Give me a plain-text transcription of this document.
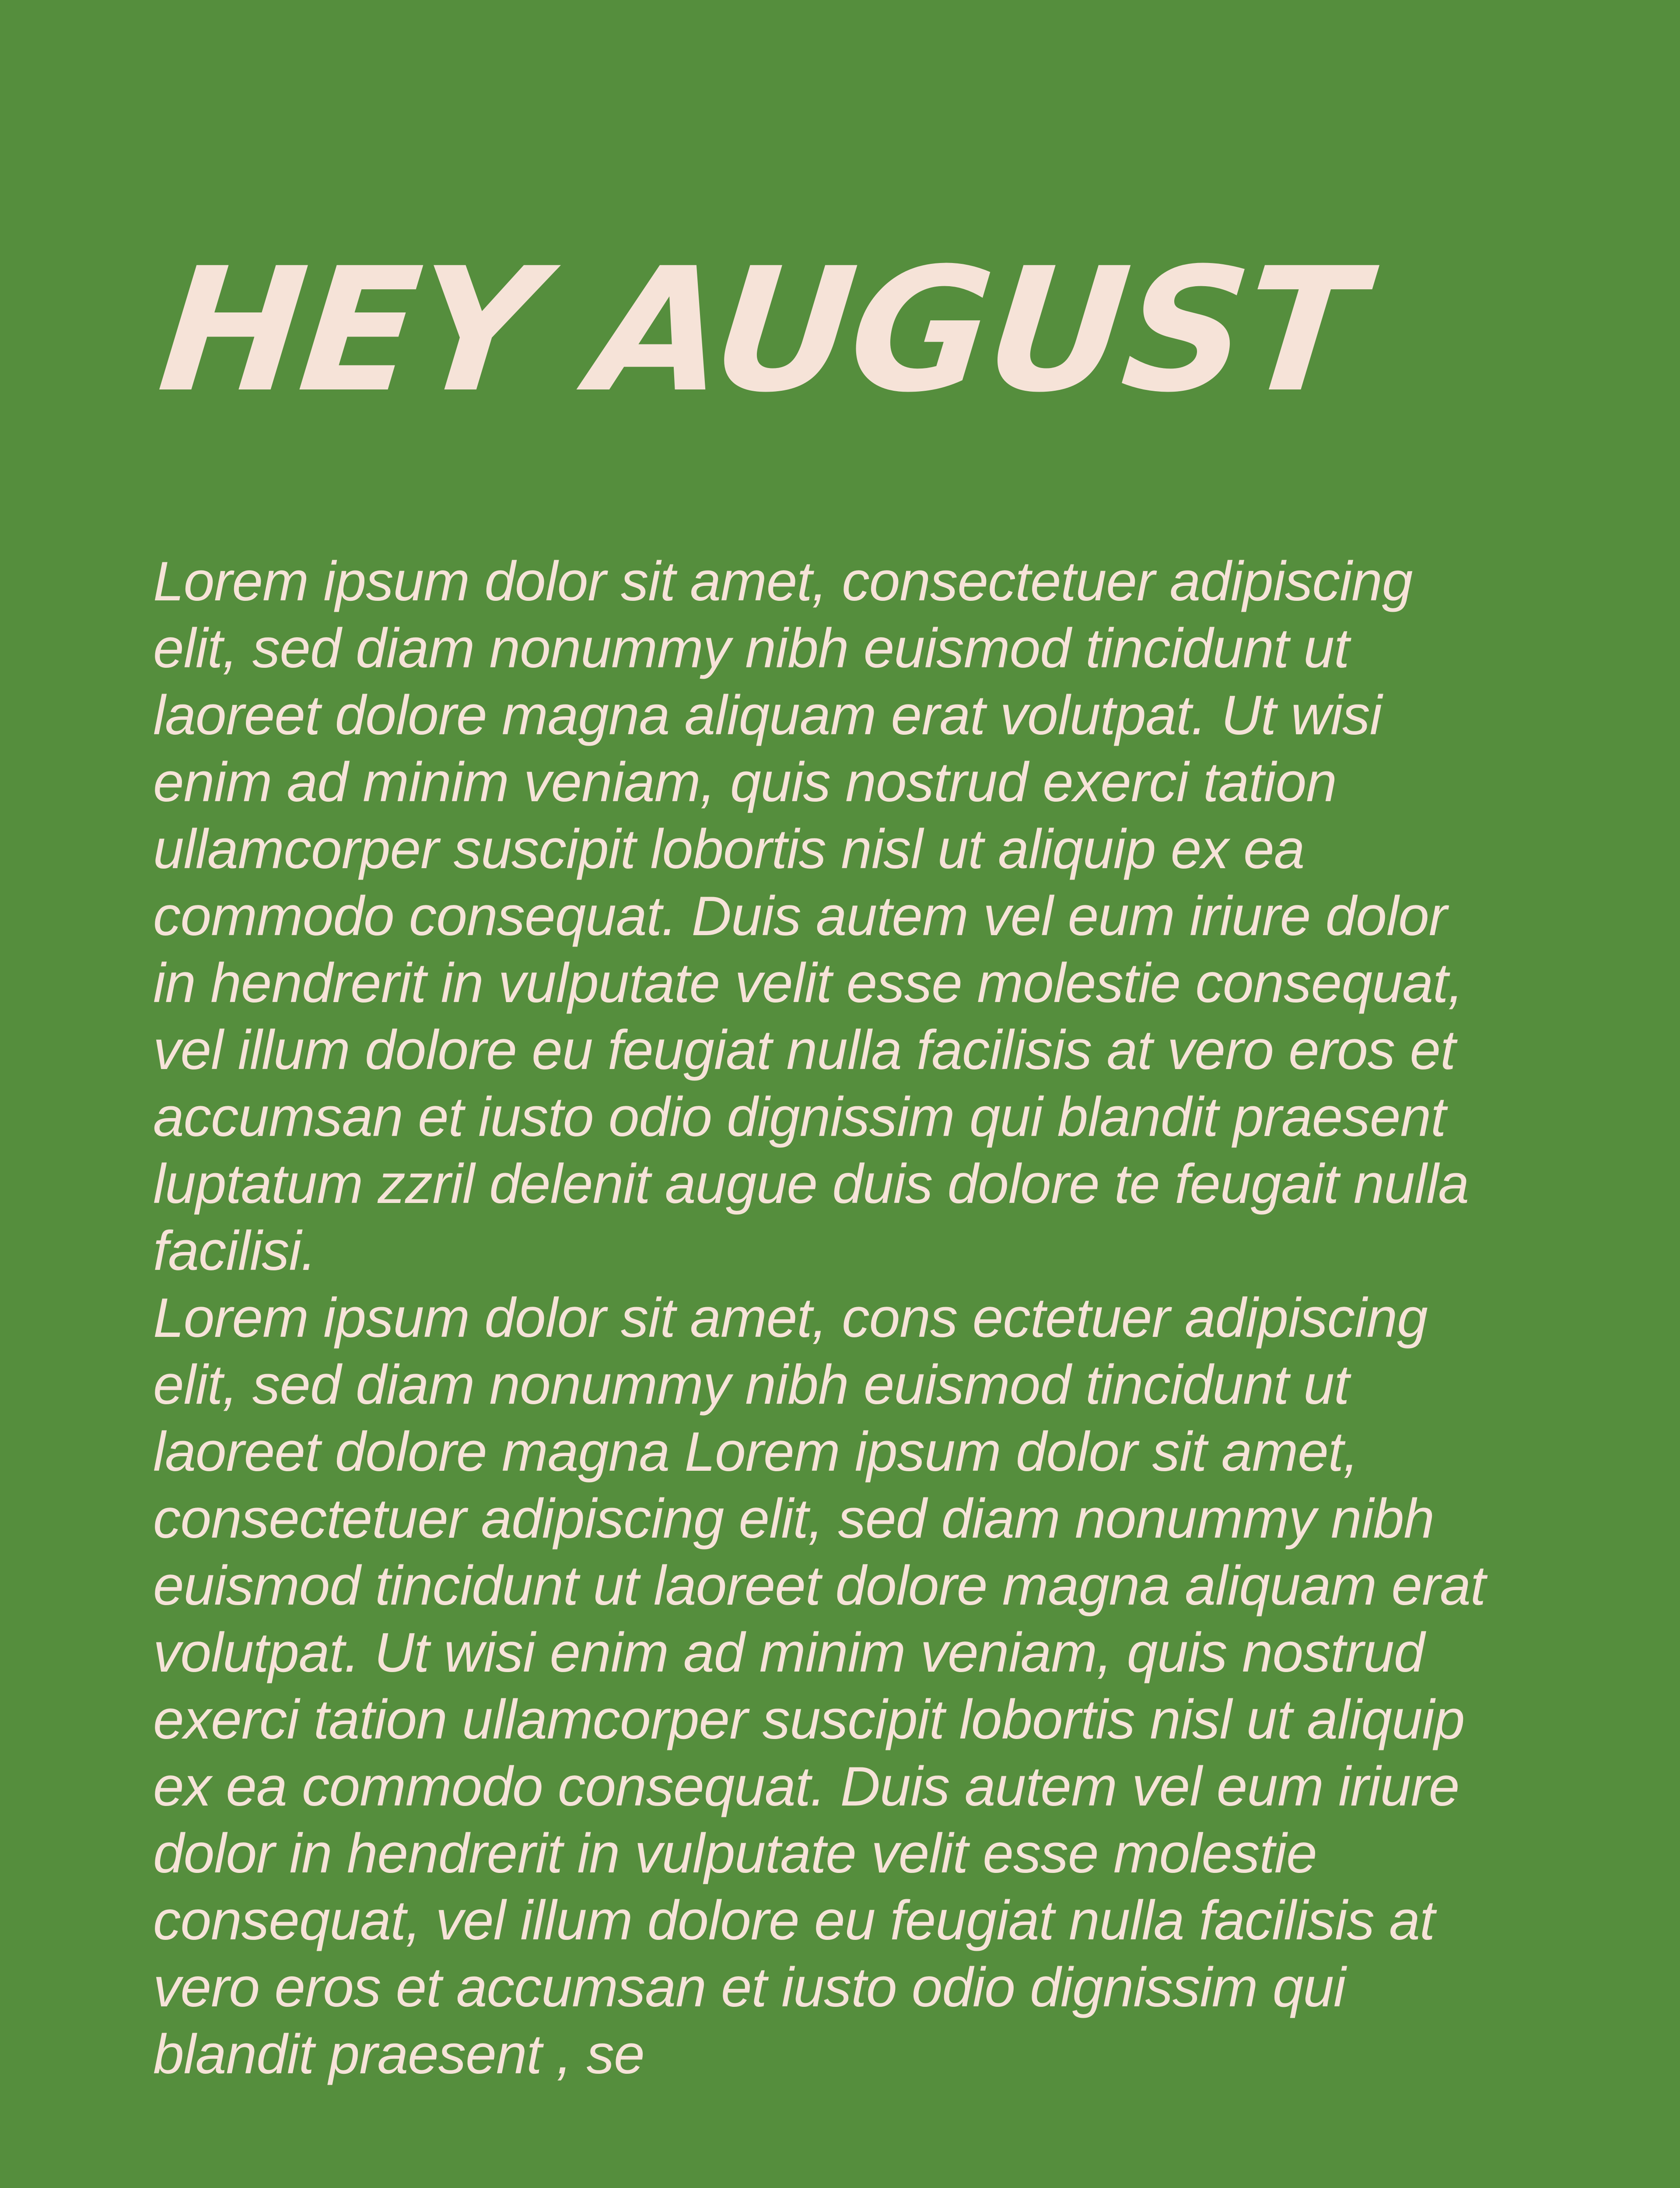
HEY AUGUST

Lorem ipsum dolor sit amet, consectetuer adipiscing elit, sed diam nonummy nibh euismod tincidunt ut laoreet dolore magna aliquam erat volutpat. Ut wisi enim ad minim veniam, quis nostrud exerci tation ullamcorper suscipit lobortis nisl ut aliquip ex ea commodo consequat. Duis autem vel eum iriure dolor in hendrerit in vulputate velit esse molestie consequat, vel illum dolore eu feugiat nulla facilisis at vero eros et accumsan et iusto odio dignissim qui blandit praesent luptatum zzril delenit augue duis dolore te feugait nulla facilisi.

Lorem ipsum dolor sit amet, cons ectetuer adipiscing elit, sed diam nonummy nibh euismod tincidunt ut laoreet dolore magna Lorem ipsum dolor sit amet, consectetuer adipiscing elit, sed diam nonummy nibh euismod tincidunt ut laoreet dolore magna aliquam erat volutpat. Ut wisi enim ad minim veniam, quis nostrud exerci tation ullamcorper suscipit lobortis nisl ut aliquip ex ea commodo consequat. Duis autem vel eum iriure dolor in hendrerit in vulputate velit esse molestie consequat, vel illum dolore eu feugiat nulla facilisis at vero eros et accumsan et iusto odio dignissim qui blandit praesent , se
